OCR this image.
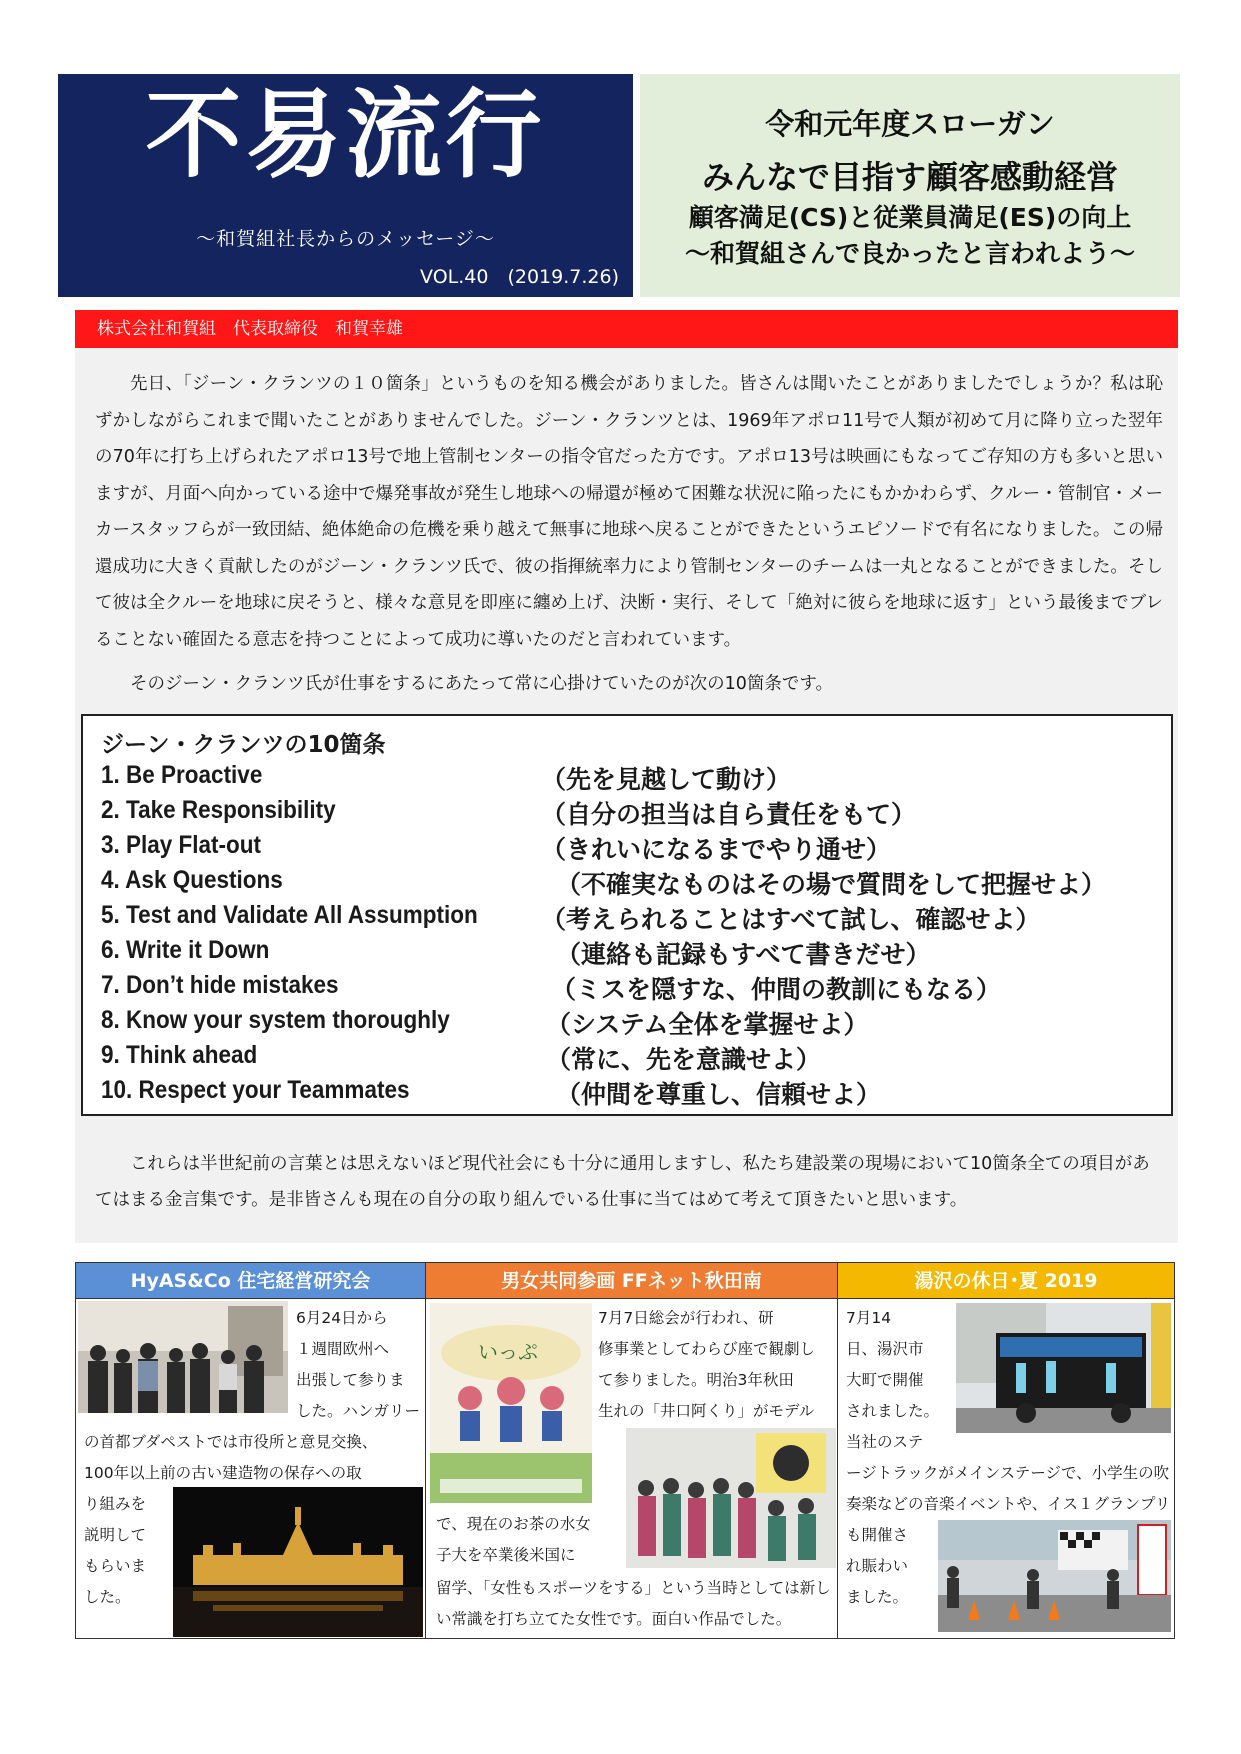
不易流行
〜和賀組社長からのメッセージ〜
VOL.40　(2019.7.26)
令和元年度スローガン
みんなで目指す顧客感動経営
顧客満足(CS)と従業員満足(ES)の向上
〜和賀組さんで良かったと言われよう〜
株式会社和賀組　代表取締役　和賀幸雄

先日、「ジーン・クランツの１０箇条」というものを知る機会がありました。皆さんは聞いたことがありましたでしょうか？私は恥ずかしながらこれまで聞いたことがありませんでした。ジーン・クランツとは、1969年アポロ11号で人類が初めて月に降り立った翌年の70年に打ち上げられたアポロ13号で地上管制センターの指令官だった方です。アポロ13号は映画にもなってご存知の方も多いと思いますが、月面へ向かっている途中で爆発事故が発生し地球への帰還が極めて困難な状況に陥ったにもかかわらず、クルー・管制官・メーカースタッフらが一致団結、絶体絶命の危機を乗り越えて無事に地球へ戻ることができたというエピソードで有名になりました。この帰還成功に大きく貢献したのがジーン・クランツ氏で、彼の指揮統率力により管制センターのチームは一丸となることができました。そして彼は全クルーを地球に戻そうと、様々な意見を即座に纏め上げ、決断・実行、そして「絶対に彼らを地球に返す」という最後までブレることない確固たる意志を持つことによって成功に導いたのだと言われています。

そのジーン・クランツ氏が仕事をするにあたって常に心掛けていたのが次の10箇条です。

ジーン・クランツの10箇条
1. Be Proactive	（先を見越して動け）
2. Take Responsibility	（自分の担当は自ら責任をもて）
3. Play Flat-out	（きれいになるまでやり通せ）
4. Ask Questions	（不確実なものはその場で質問をして把握せよ）
5. Test and Validate All Assumption	（考えられることはすべて試し、確認せよ）
6. Write it Down	（連絡も記録もすべて書きだせ）
7. Don’t hide mistakes	（ミスを隠すな、仲間の教訓にもなる）
8. Know your system thoroughly	（システム全体を掌握せよ）
9. Think ahead	（常に、先を意識せよ）
10. Respect your Teammates	（仲間を尊重し、信頼せよ）

これらは半世紀前の言葉とは思えないほど現代社会にも十分に通用しますし、私たち建設業の現場において10箇条全ての項目があてはまる金言集です。是非皆さんも現在の自分の取り組んでいる仕事に当てはめて考えて頂きたいと思います。

HyAS&Co 住宅経営研究会
6月24日から
１週間欧州へ
出張して参りま
した。ハンガリー
の首都ブダペストでは市役所と意見交換、
100年以上前の古い建造物の保存への取
り組みを
説明して
もらいま
した。
男女共同参画 FFネット秋田南
いっぷ
7月7日総会が行われ、研
修事業としてわらび座で観劇し
て参りました。明治3年秋田
生れの「井口阿くり」がモデル
で、現在のお茶の水女
子大を卒業後米国に
留学、「女性もスポーツをする」という当時としては新し
い常識を打ち立てた女性です。面白い作品でした。
湯沢の休日･夏 2019
7月14
日、湯沢市
大町で開催
されました。
当社のステ
ージトラックがメインステージで、小学生の吹
奏楽などの音楽イベントや、イス１グランプリ
も開催さ
れ賑わい
ました。
